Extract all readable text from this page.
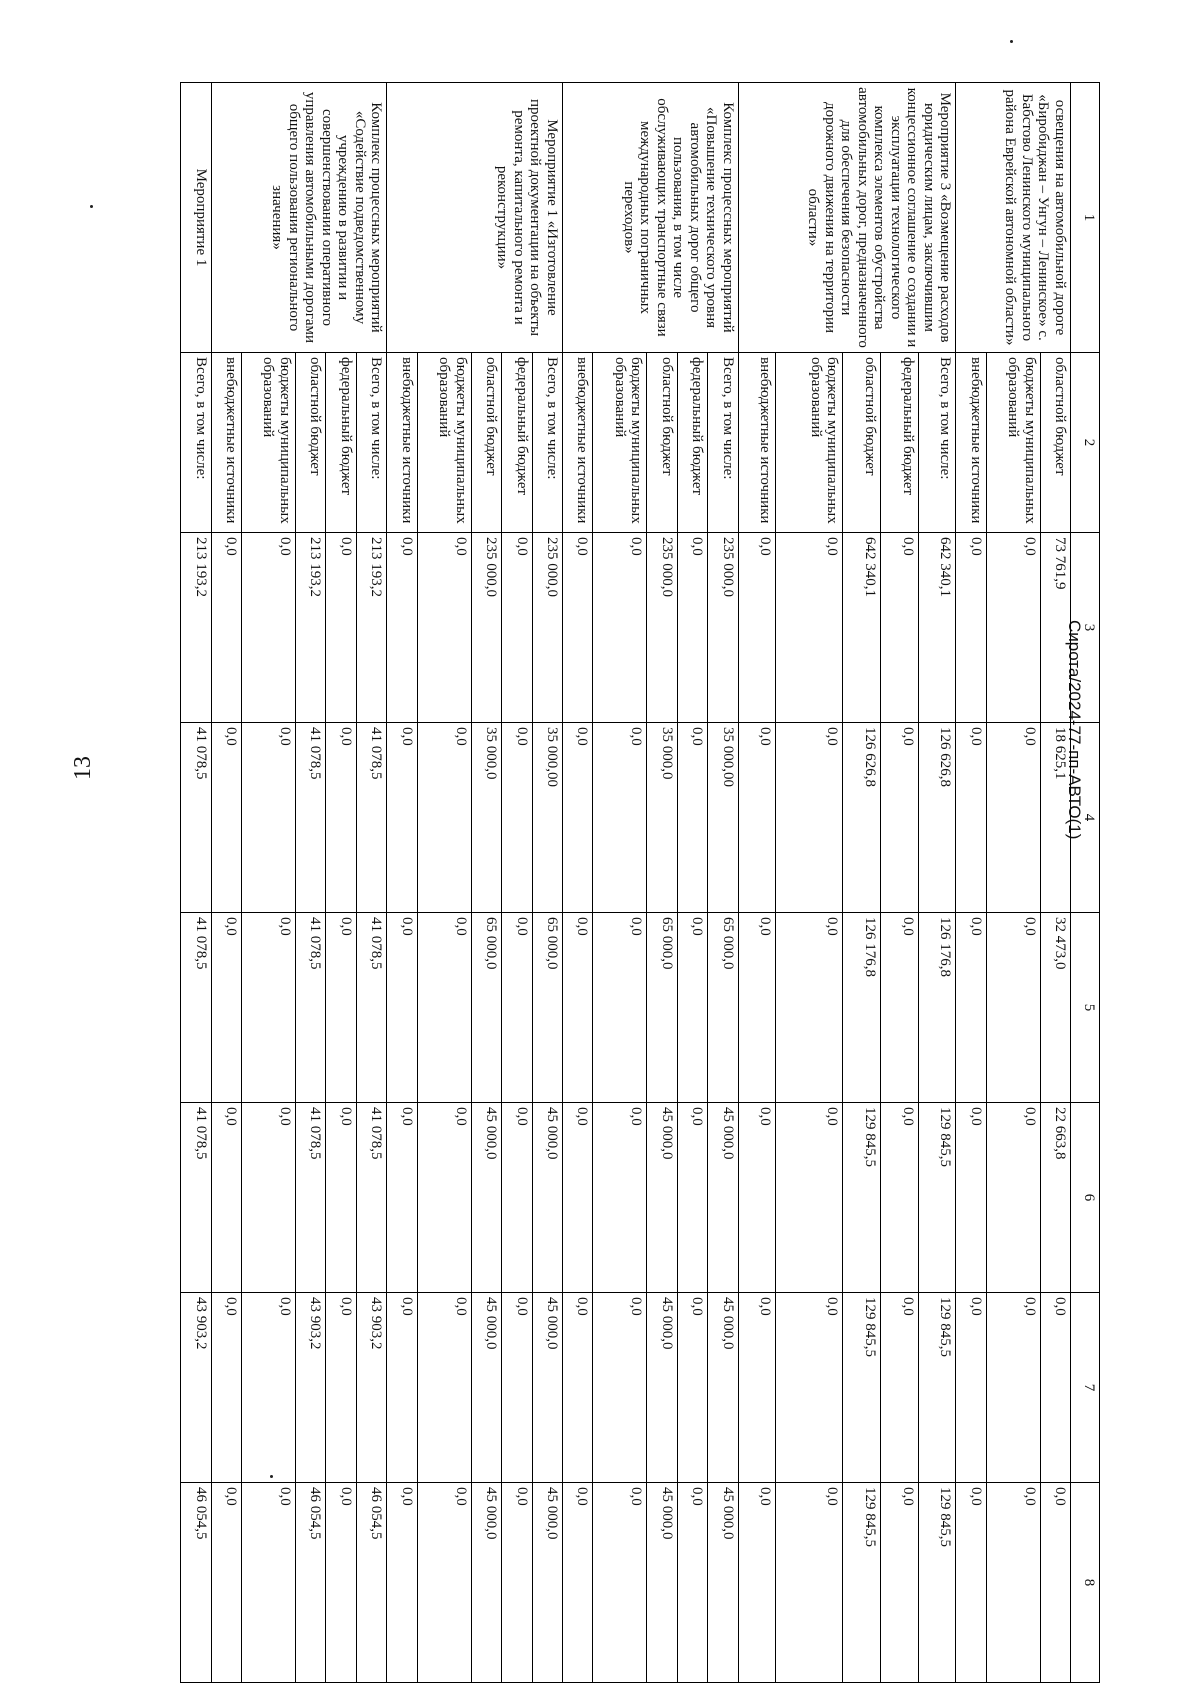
13	Сирота/2024-77-пп-АВТО(1)
1	2	3	4	5	6	7	8
освещения на автомобильной дороге «Биробиджан – Унгун – Ленинское» с. Бабстово Ленинского муниципального района Еврейской автономной области»	областной бюджет	73 761,9	18 625,1	32 473,0	22 663,8	0,0	0,0
	бюджеты муниципальных образований	0,0	0,0	0,0	0,0	0,0	0,0
	внебюджетные источники	0,0	0,0	0,0	0,0	0,0	0,0
Мероприятие 3 «Возмещение расходов юридическим лицам, заключившим концессионное соглашение о создании и эксплуатации технологического комплекса элементов обустройства автомобильных дорог, предназначенного для обеспечения безопасности дорожного движения на территории области»	Всего, в том числе:	642 340,1	126 626,8	126 176,8	129 845,5	129 845,5	129 845,5
	федеральный бюджет	0,0	0,0	0,0	0,0	0,0	0,0
	областной бюджет	642 340,1	126 626,8	126 176,8	129 845,5	129 845,5	129 845,5
	бюджеты муниципальных образований	0,0	0,0	0,0	0,0	0,0	0,0
	внебюджетные источники	0,0	0,0	0,0	0,0	0,0	0,0
Комплекс процессных мероприятий «Повышение технического уровня автомобильных дорог общего пользования, в том числе обслуживающих транспортные связи международных пограничных переходов»	Всего, в том числе:	235 000,0	35 000,00	65 000,0	45 000,0	45 000,0	45 000,0
	федеральный бюджет	0,0	0,0	0,0	0,0	0,0	0,0
	областной бюджет	235 000,0	35 000,0	65 000,0	45 000,0	45 000,0	45 000,0
	бюджеты муниципальных образований	0,0	0,0	0,0	0,0	0,0	0,0
	внебюджетные источники	0,0	0,0	0,0	0,0	0,0	0,0
Мероприятие 1 «Изготовление проектной документации на объекты ремонта, капитального ремонта и реконструкции»	Всего, в том числе:	235 000,0	35 000,00	65 000,0	45 000,0	45 000,0	45 000,0
	федеральный бюджет	0,0	0,0	0,0	0,0	0,0	0,0
	областной бюджет	235 000,0	35 000,0	65 000,0	45 000,0	45 000,0	45 000,0
	бюджеты муниципальных образований	0,0	0,0	0,0	0,0	0,0	0,0
	внебюджетные источники	0,0	0,0	0,0	0,0	0,0	0,0
Комплекс процессных мероприятий «Содействие подведомственному учреждению в развитии и совершенствовании оперативного управления автомобильными дорогами общего пользования регионального значения»	Всего, в том числе:	213 193,2	41 078,5	41 078,5	41 078,5	43 903,2	46 054,5
	федеральный бюджет	0,0	0,0	0,0	0,0	0,0	0,0
	областной бюджет	213 193,2	41 078,5	41 078,5	41 078,5	43 903,2	46 054,5
	бюджеты муниципальных образований	0,0	0,0	0,0	0,0	0,0	0,0
	внебюджетные источники	0,0	0,0	0,0	0,0	0,0	0,0
Мероприятие 1	Всего, в том числе:	213 193,2	41 078,5	41 078,5	41 078,5	43 903,2	46 054,5
